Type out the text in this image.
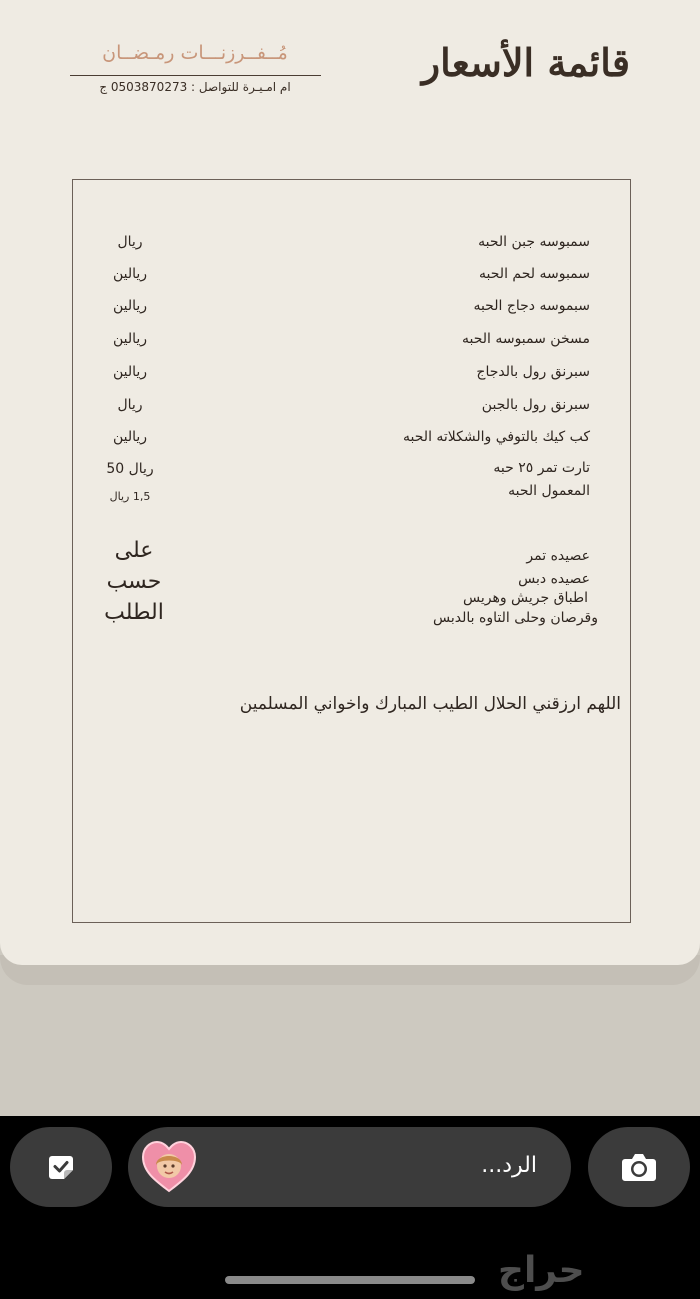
قائمة الأسعار
مُــفــرزنـــات رمـضــان
ام امـيـرة للتواصل : 0503870273 ج
سمبوسه جبن الحبه
ريال
سمبوسه لحم الحبه
ريالين
سبموسه دجاج الحبه
ريالين
مسخن سمبوسه الحبه
ريالين
سبرنق رول بالدجاج
ريالين
سبرنق رول بالجبن
ريال
كب كيك بالتوفي والشكلاته الحبه
ريالين
تارت تمر ٢٥ حبه
ريال 50
المعمول الحبه
1,5 ريال
عصيده تمر
عصيده دبس
اطباق جريش وهريس
وقرصان وحلى التاوه بالدبس
على
حسب
الطلب
اللهم ارزقني الحلال الطيب المبارك واخواني المسلمين
الرد...
حراج
